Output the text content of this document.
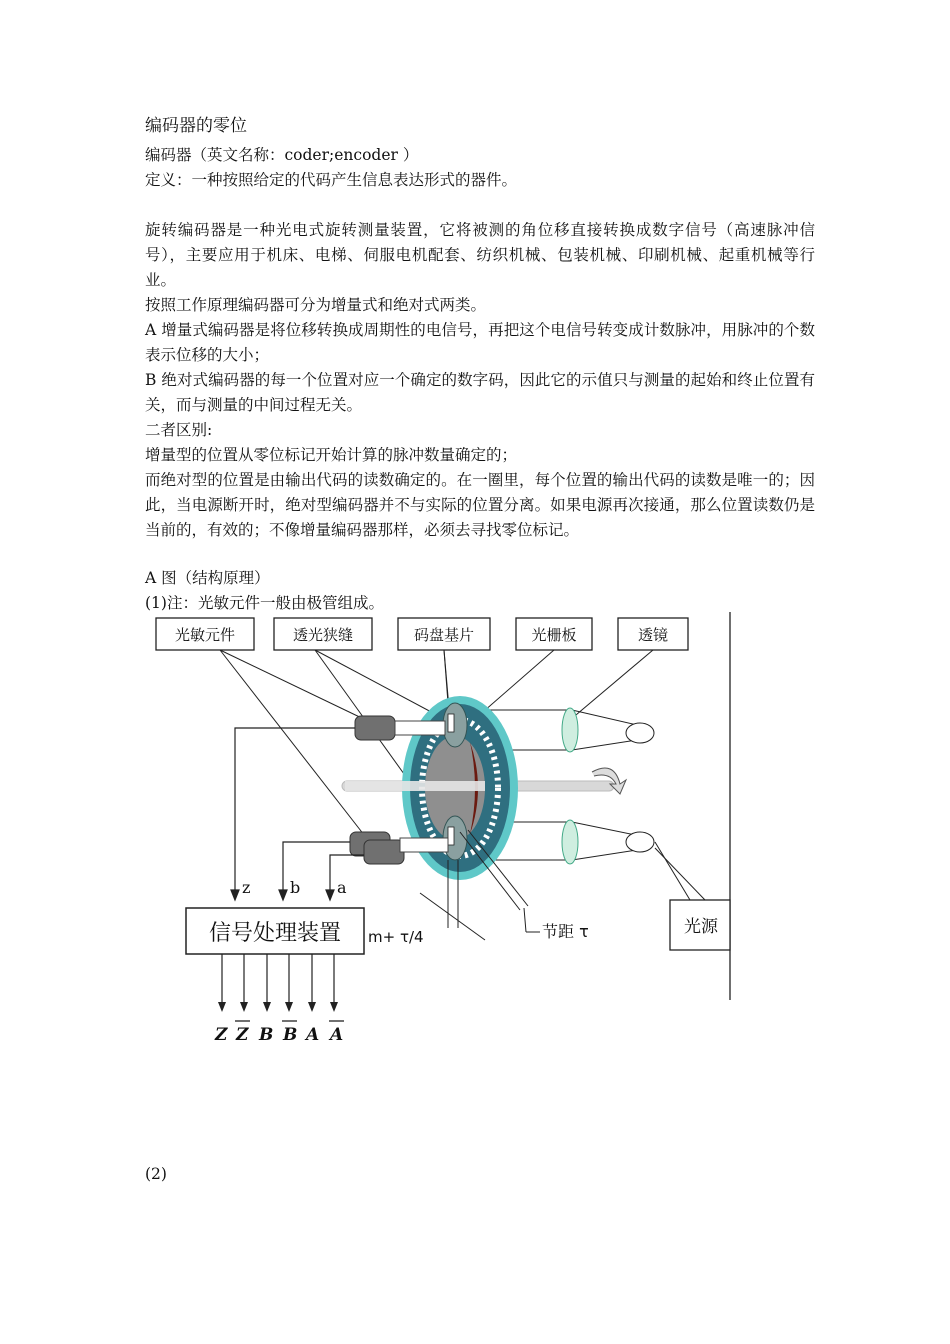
编码器的零位

编码器（英文名称：coder;encoder ）

定义：一种按照给定的代码产生信息表达形式的器件。

旋转编码器是一种光电式旋转测量装置，它将被测的角位移直接转换成数字信号（高速脉冲信号），主要应用于机床、电梯、伺服电机配套、纺织机械、包装机械、印刷机械、起重机械等行业。

按照工作原理编码器可分为增量式和绝对式两类。

A 增量式编码器是将位移转换成周期性的电信号，再把这个电信号转变成计数脉冲，用脉冲的个数表示位移的大小；

B 绝对式编码器的每一个位置对应一个确定的数字码，因此它的示值只与测量的起始和终止位置有关，而与测量的中间过程无关。

二者区别:

增量型的位置从零位标记开始计算的脉冲数量确定的；

而绝对型的位置是由输出代码的读数确定的。在一圈里，每个位置的输出代码的读数是唯一的；因此，当电源断开时，绝对型编码器并不与实际的位置分离。如果电源再次接通，那么位置读数仍是当前的，有效的；不像增量编码器那样，必须去寻找零位标记。

A 图（结构原理）

(1)注：光敏元件一般由极管组成。

(2)

光敏元件	透光狭缝	码盘基片	光栅板	透镜
光源
z b a
信号处理装置 m+ τ/4	节距 τ
Z Z B B A A
